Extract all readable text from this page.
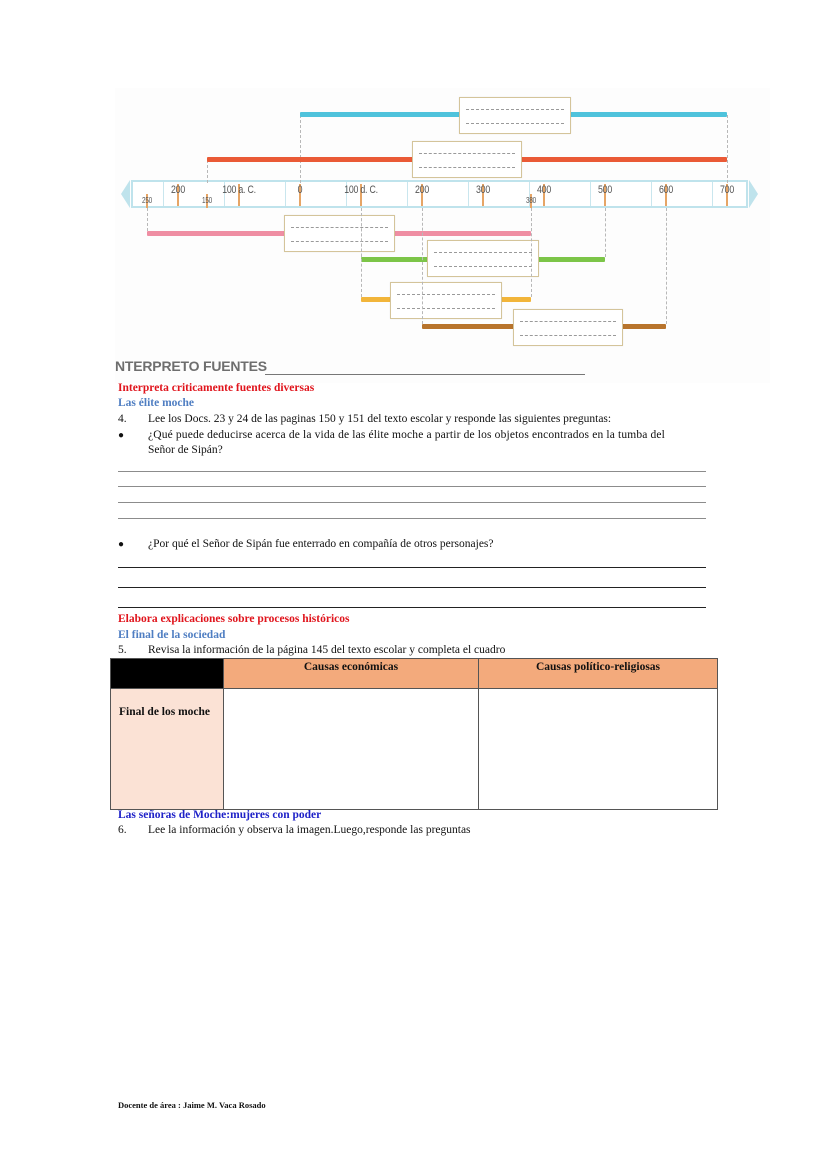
250
200
150
100 a. C.	0	100 d. C.	200	300
380
400	500	600	700
NTERPRETO FUENTES
Interpreta criticamente fuentes diversas
Las élite moche
4. Lee los Docs. 23 y 24 de las paginas 150 y 151 del texto escolar y responde las siguientes preguntas:
● ¿Qué puede deducirse acerca de la vida de las élite moche a partir de los objetos encontrados en la tumba del
Señor de Sipán?
● ¿Por qué el Señor de Sipán fue enterrado en compañía de otros personajes?
Elabora explicaciones sobre procesos históricos
El final de la sociedad
5. Revisa la información de la página 145 del texto escolar y completa el cuadro
	Causas económicas	Causas político-religiosas
Final de los moche		
Las señoras de Moche:mujeres con poder
6. Lee la información y observa la imagen.Luego,responde las preguntas
Docente de área : Jaime M. Vaca Rosado
